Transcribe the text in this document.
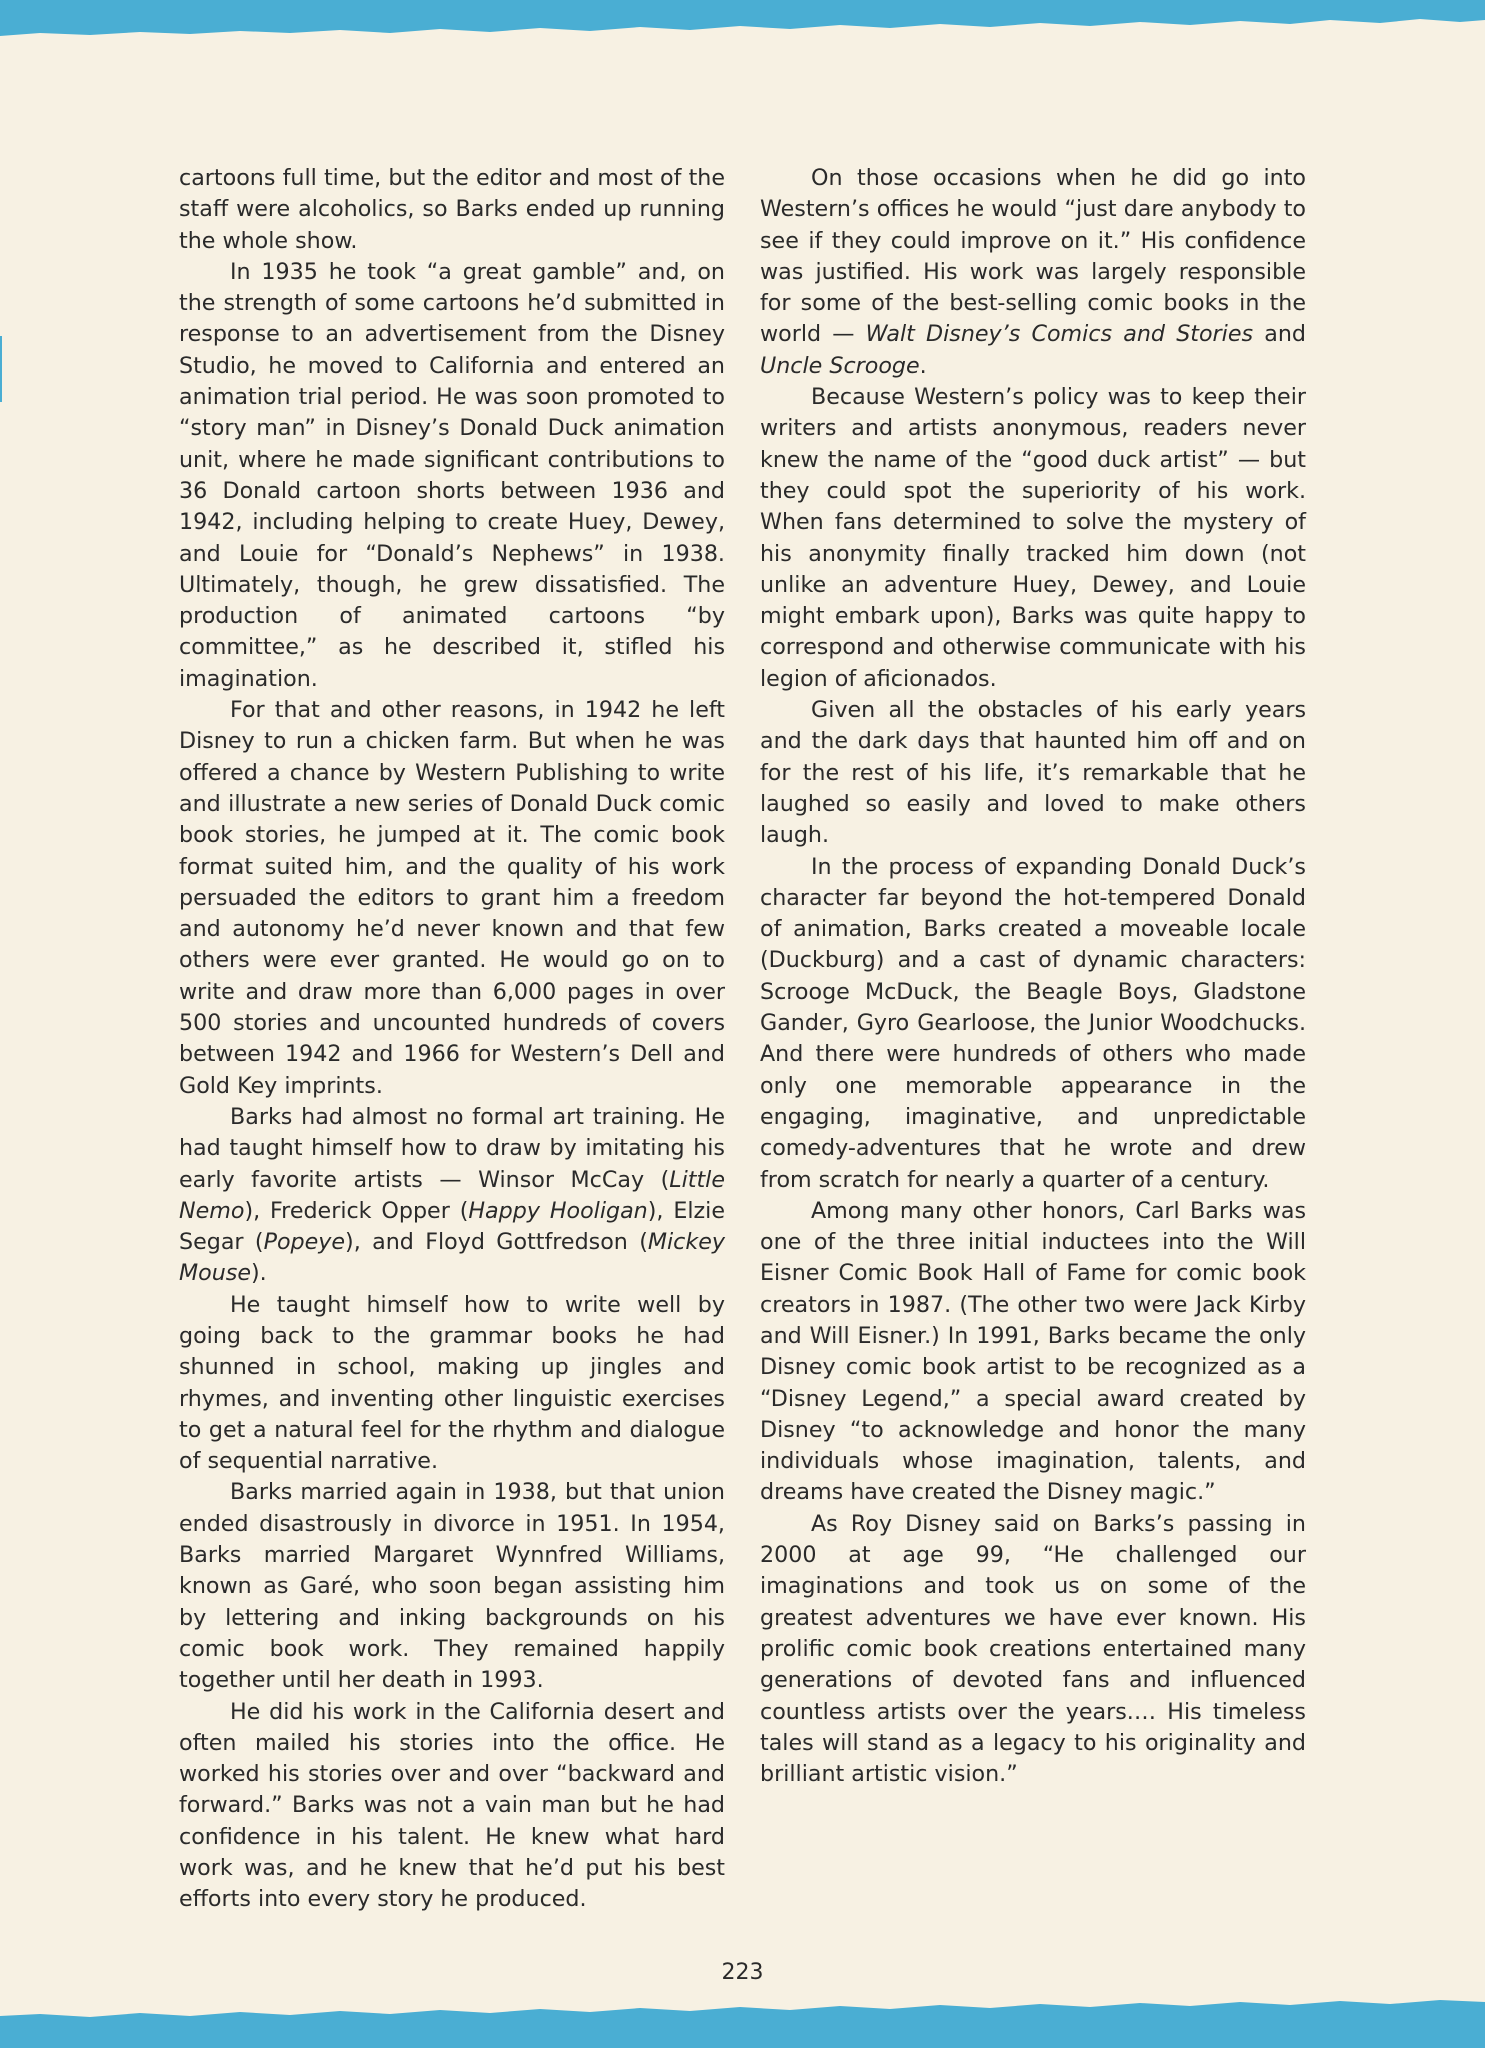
cartoons full time, but the editor and most of the staff were alcoholics, so Barks ended up running the whole show.

In 1935 he took “a great gamble” and, on the strength of some cartoons he’d submitted in response to an advertisement from the Disney Studio, he moved to California and entered an animation trial period. He was soon promoted to “story man” in Disney’s Donald Duck animation unit, where he made significant contributions to 36 Donald cartoon shorts between 1936 and 1942, including helping to create Huey, Dewey, and Louie for “Donald’s Nephews” in 1938. Ultimately, though, he grew dissatisfied. The production of animated cartoons “by committee,” as he described it, stifled his imagination.

For that and other reasons, in 1942 he left Disney to run a chicken farm. But when he was offered a chance by Western Publishing to write and illustrate a new series of Donald Duck comic book stories, he jumped at it. The comic book format suited him, and the quality of his work persuaded the editors to grant him a freedom and autonomy he’d never known and that few others were ever granted. He would go on to write and draw more than 6,000 pages in over 500 stories and uncounted hundreds of covers between 1942 and 1966 for Western’s Dell and Gold Key imprints.

Barks had almost no formal art training. He had taught himself how to draw by imitating his early favorite artists — Winsor McCay (Little Nemo), Frederick Opper (Happy Hooligan), Elzie Segar (Popeye), and Floyd Gottfredson (Mickey Mouse).

He taught himself how to write well by going back to the grammar books he had shunned in school, making up jingles and rhymes, and inventing other linguistic exercises to get a natural feel for the rhythm and dialogue of sequential narrative.

Barks married again in 1938, but that union ended disastrously in divorce in 1951. In 1954, Barks married Margaret Wynnfred Williams, known as Garé, who soon began assisting him by lettering and inking backgrounds on his comic book work. They remained happily together until her death in 1993.

He did his work in the California desert and often mailed his stories into the office. He worked his stories over and over “backward and forward.” Barks was not a vain man but he had confidence in his talent. He knew what hard work was, and he knew that he’d put his best efforts into every story he produced.

On those occasions when he did go into Western’s offices he would “just dare anybody to see if they could improve on it.” His confidence was justified. His work was largely responsible for some of the best-selling comic books in the world — Walt Disney’s Comics and Stories and Uncle Scrooge.

Because Western’s policy was to keep their writers and artists anonymous, readers never knew the name of the “good duck artist” — but they could spot the superiority of his work. When fans determined to solve the mystery of his anonymity finally tracked him down (not unlike an adventure Huey, Dewey, and Louie might embark upon), Barks was quite happy to correspond and otherwise communicate with his legion of aficionados.

Given all the obstacles of his early years and the dark days that haunted him off and on for the rest of his life, it’s remarkable that he laughed so easily and loved to make others laugh.

In the process of expanding Donald Duck’s character far beyond the hot-tempered Donald of animation, Barks created a moveable locale (Duckburg) and a cast of dynamic characters: Scrooge McDuck, the Beagle Boys, Gladstone Gander, Gyro Gearloose, the Junior Woodchucks. And there were hundreds of others who made only one memorable appearance in the engaging, imaginative, and unpredictable comedy-adventures that he wrote and drew from scratch for nearly a quarter of a century.

Among many other honors, Carl Barks was one of the three initial inductees into the Will Eisner Comic Book Hall of Fame for comic book creators in 1987. (The other two were Jack Kirby and Will Eisner.) In 1991, Barks became the only Disney comic book artist to be recognized as a “Disney Legend,” a special award created by Disney “to acknowledge and honor the many individuals whose imagination, talents, and dreams have created the Disney magic.”

As Roy Disney said on Barks’s passing in 2000 at age 99, “He challenged our imaginations and took us on some of the greatest adventures we have ever known. His prolific comic book creations entertained many generations of devoted fans and influenced countless artists over the years.… His timeless tales will stand as a legacy to his originality and brilliant artistic vision.”

223
